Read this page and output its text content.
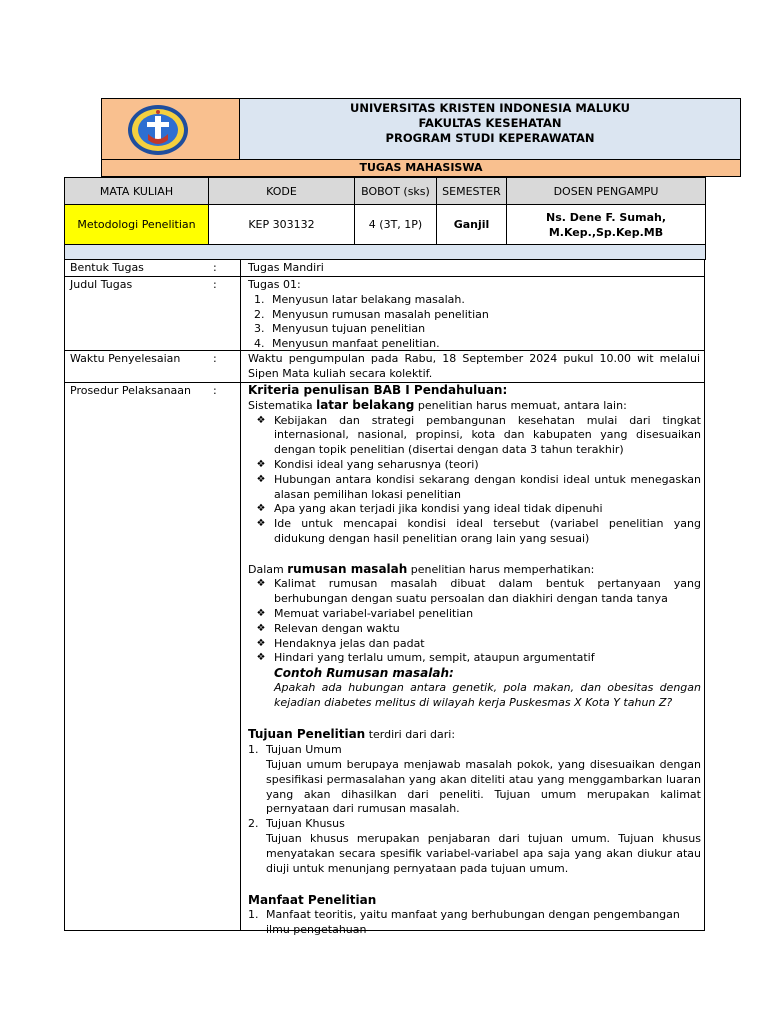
UNIVERSITAS KRISTEN INDONESIA MALUKU
FAKULTAS KESEHATAN
PROGRAM STUDI KEPERAWATAN
TUGAS MAHASISWA
MATA KULIAH	KODE	BOBOT (sks)	SEMESTER	DOSEN PENGAMPU
Metodologi Penelitian	KEP 303132	4 (3T, 1P)	Ganjil	Ns. Dene F. Sumah,
M.Kep.,Sp.Kep.MB

Bentuk Tugas	:	Tugas Mandiri
Judul Tugas	:	Tugas 01:
1. Menyusun latar belakang masalah.
2. Menyusun rumusan masalah penelitian
3. Menyusun tujuan penelitian
4. Menyusun manfaat penelitian.
Waktu Penyelesaian	:	Waktu pengumpulan pada Rabu, 18 September 2024 pukul 10.00 wit melalui Sipen Mata kuliah secara kolektif.
Prosedur Pelaksanaan :	Kriteria penulisan BAB I Pendahuluan:
Sistematika latar belakang penelitian harus memuat, antara lain:
❖ Kebijakan dan strategi pembangunan kesehatan mulai dari tingkat internasional, nasional, propinsi, kota dan kabupaten yang disesuaikan dengan topik penelitian (disertai dengan data 3 tahun terakhir)
❖ Kondisi ideal yang seharusnya (teori)
❖ Hubungan antara kondisi sekarang dengan kondisi ideal untuk menegaskan alasan pemilihan lokasi penelitian
❖ Apa yang akan terjadi jika kondisi yang ideal tidak dipenuhi
❖ Ide untuk mencapai kondisi ideal tersebut (variabel penelitian yang didukung dengan hasil penelitian orang lain yang sesuai)
Dalam rumusan masalah penelitian harus memperhatikan:
❖ Kalimat rumusan masalah dibuat dalam bentuk pertanyaan yang berhubungan dengan suatu persoalan dan diakhiri dengan tanda tanya
❖ Memuat variabel-variabel penelitian
❖ Relevan dengan waktu
❖ Hendaknya jelas dan padat
❖ Hindari yang terlalu umum, sempit, ataupun argumentatif
Contoh Rumusan masalah:
Apakah ada hubungan antara genetik, pola makan, dan obesitas dengan kejadian diabetes melitus di wilayah kerja Puskesmas X Kota Y tahun Z?
Tujuan Penelitian terdiri dari dari:
1. Tujuan Umum
Tujuan umum berupaya menjawab masalah pokok, yang disesuaikan dengan spesifikasi permasalahan yang akan diteliti atau yang menggambarkan luaran yang akan dihasilkan dari peneliti. Tujuan umum merupakan kalimat pernyataan dari rumusan masalah.
2. Tujuan Khusus
Tujuan khusus merupakan penjabaran dari tujuan umum. Tujuan khusus menyatakan secara spesifik variabel-variabel apa saja yang akan diukur atau diuji untuk menunjang pernyataan pada tujuan umum.
Manfaat Penelitian
1. Manfaat teoritis, yaitu manfaat yang berhubungan dengan pengembangan ilmu pengetahuan
